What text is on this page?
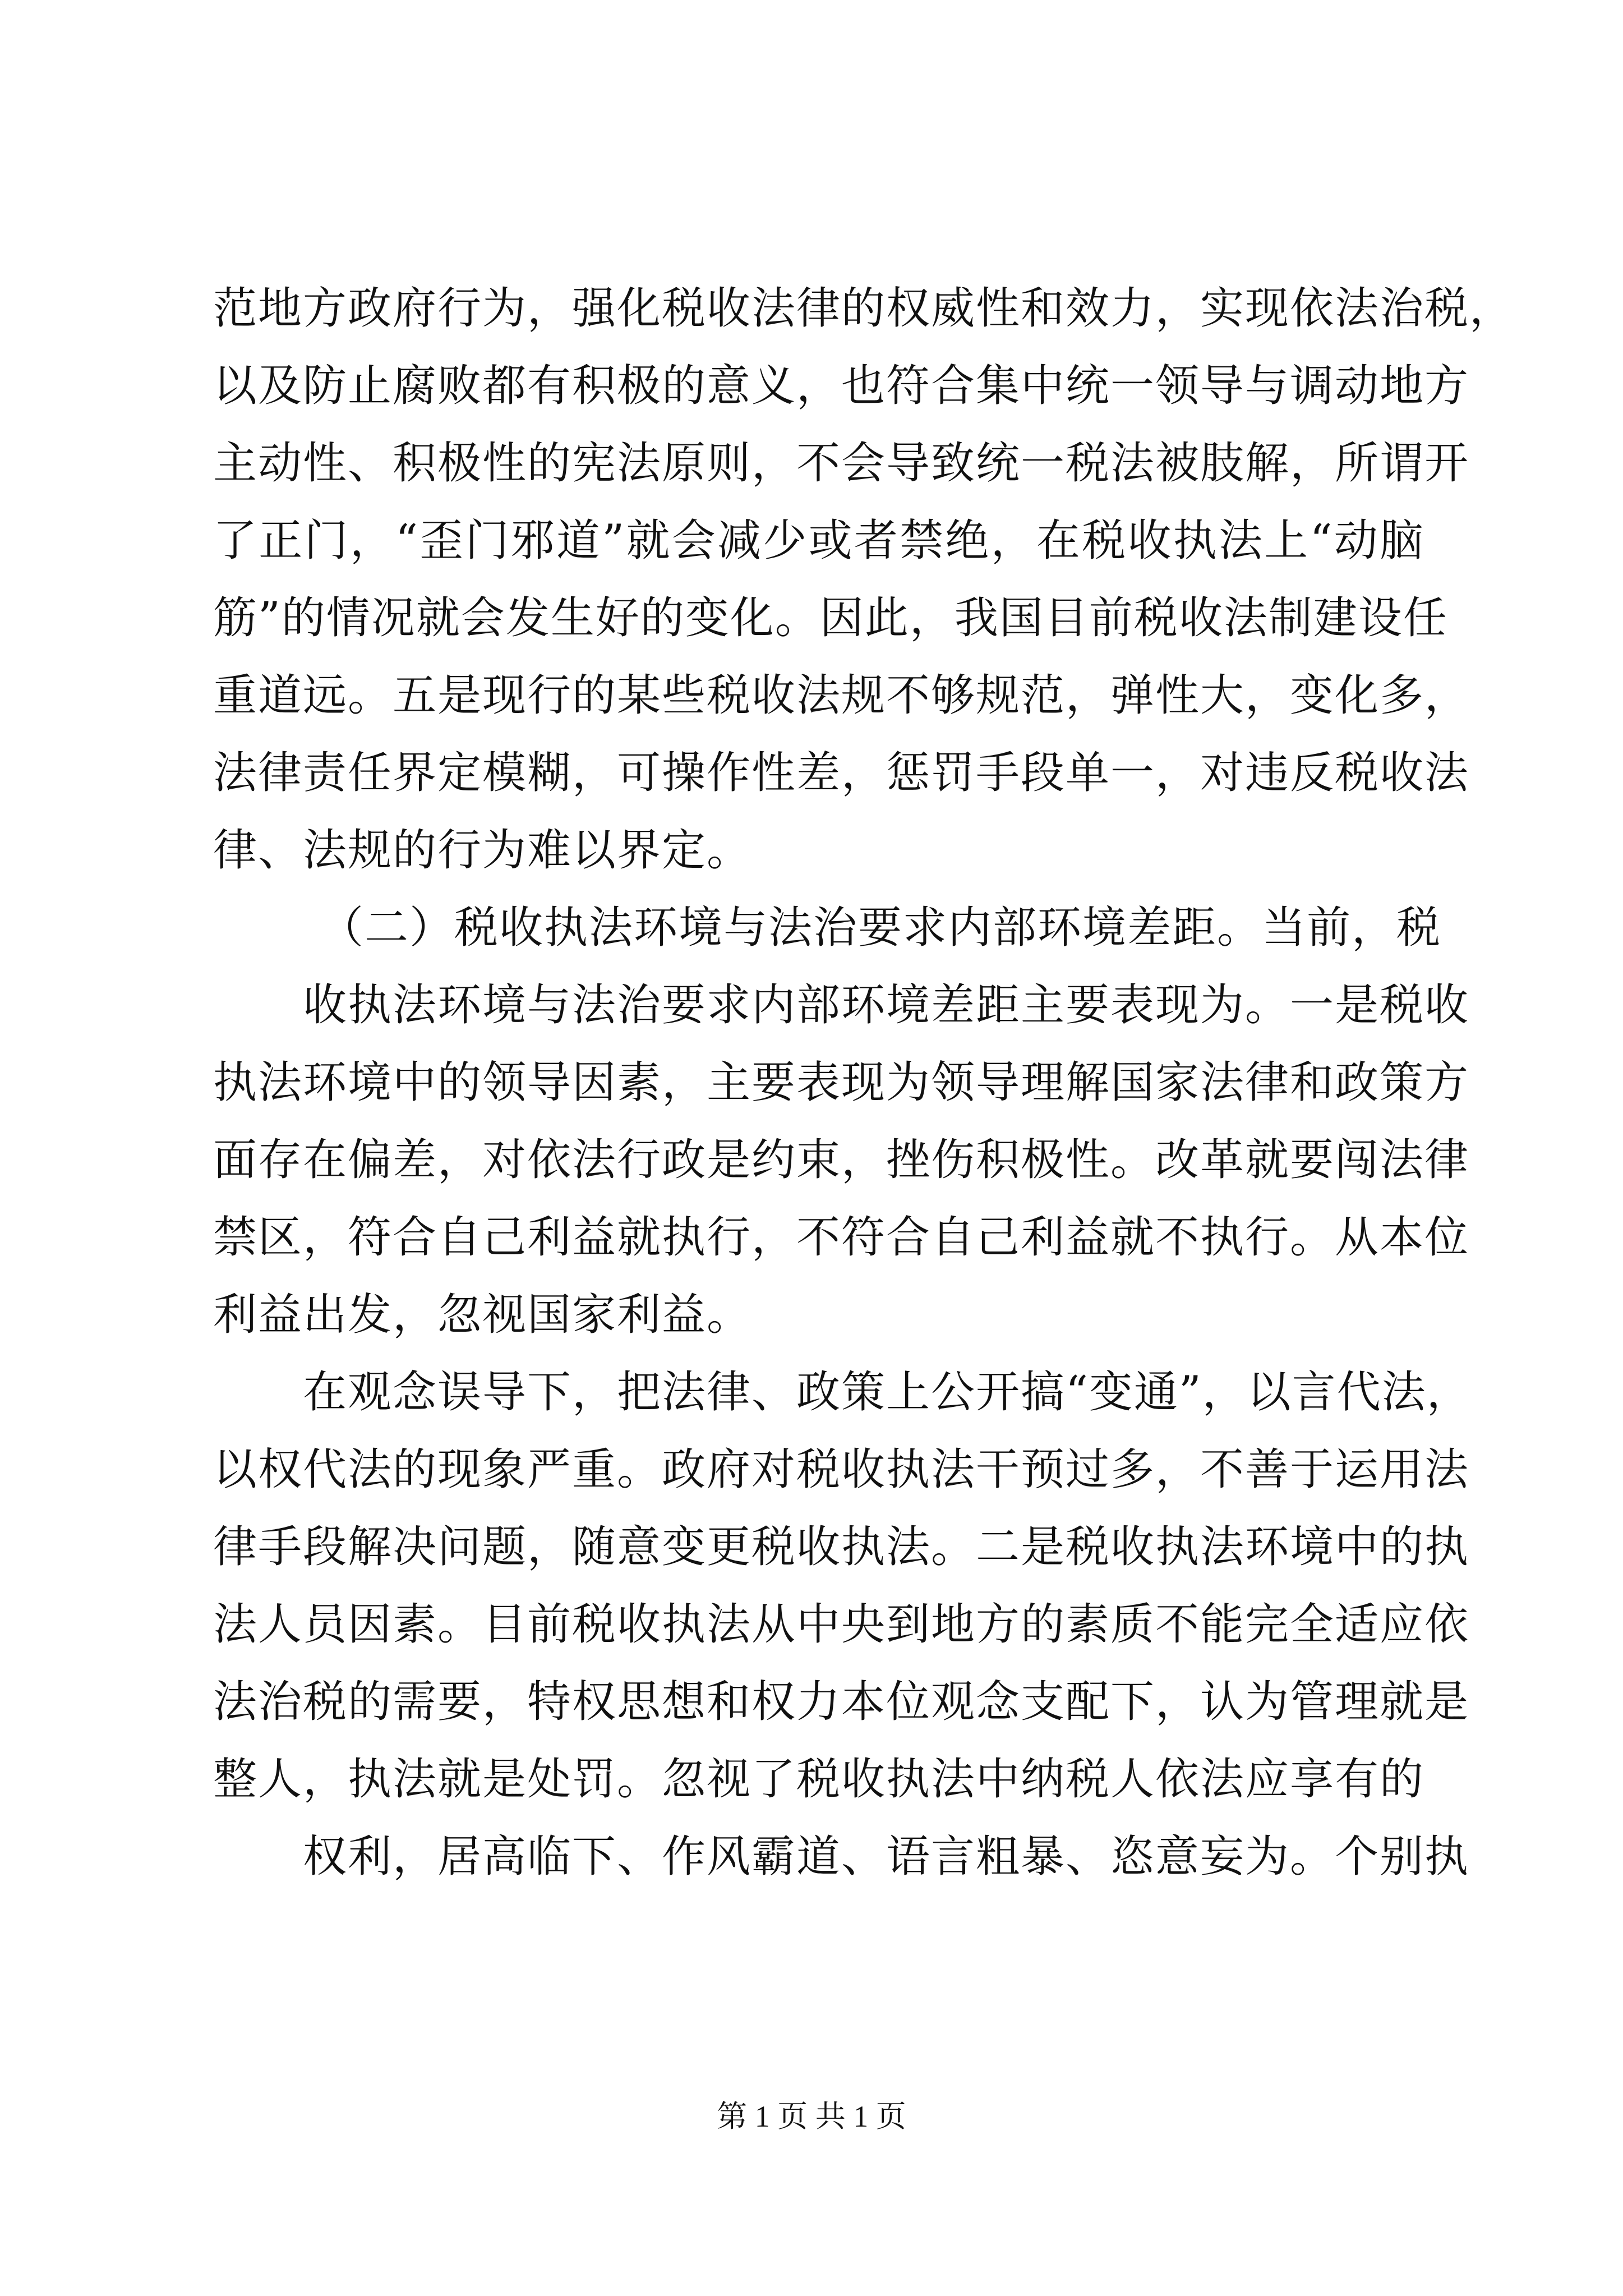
范地方政府行为，强化税收法律的权威性和效力，实现依法治税，
以及防止腐败都有积极的意义，也符合集中统一领导与调动地方
主动性、积极性的宪法原则，不会导致统一税法被肢解，所谓开
了正门，“歪门邪道”就会减少或者禁绝，在税收执法上“动脑
筋”的情况就会发生好的变化。因此，我国目前税收法制建设任
重道远。五是现行的某些税收法规不够规范，弹性大，变化多，
法律责任界定模糊，可操作性差，惩罚手段单一，对违反税收法
律、法规的行为难以界定。
（二）税收执法环境与法治要求内部环境差距。当前，税
收执法环境与法治要求内部环境差距主要表现为。一是税收
执法环境中的领导因素，主要表现为领导理解国家法律和政策方
面存在偏差，对依法行政是约束，挫伤积极性。改革就要闯法律
禁区，符合自己利益就执行，不符合自己利益就不执行。从本位
利益出发，忽视国家利益。
在观念误导下，把法律、政策上公开搞“变通”，以言代法，
以权代法的现象严重。政府对税收执法干预过多，不善于运用法
律手段解决问题，随意变更税收执法。二是税收执法环境中的执
法人员因素。目前税收执法从中央到地方的素质不能完全适应依
法治税的需要，特权思想和权力本位观念支配下，认为管理就是
整人，执法就是处罚。忽视了税收执法中纳税人依法应享有的
权利，居高临下、作风霸道、语言粗暴、恣意妄为。个别执
第 1 页 共 1 页
